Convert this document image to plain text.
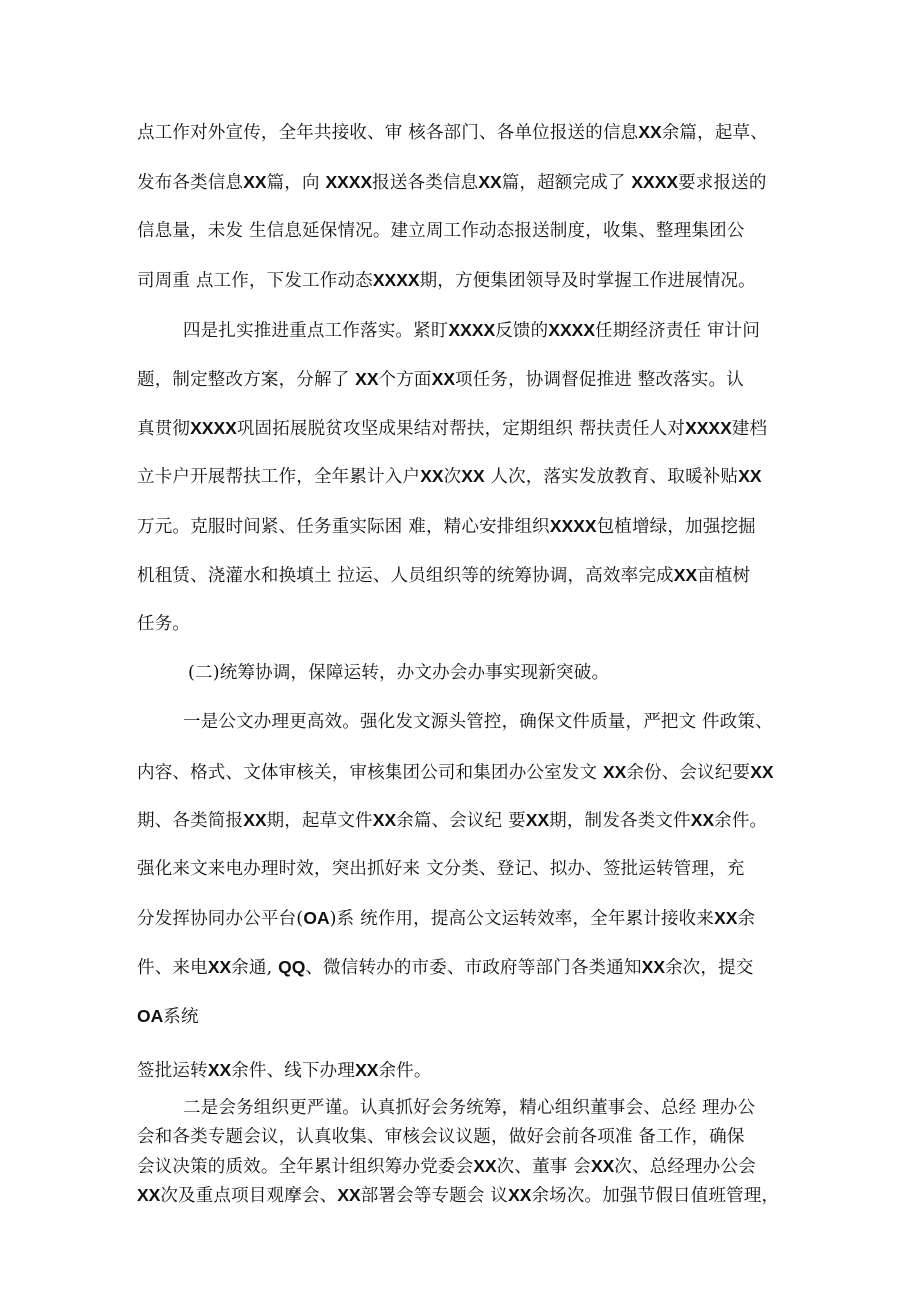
点工作对外宣传，全年共接收、审 核各部门、各单位报送的信息XX余篇，起草、
发布各类信息XX篇，向 XXXX报送各类信息XX篇，超额完成了 XXXX要求报送的
信息量，未发 生信息延保情况。建立周工作动态报送制度，收集、整理集团公
司周重 点工作，下发工作动态XXXX期，方便集团领导及时掌握工作进展情况。
四是扎实推进重点工作落实。紧盯XXXX反馈的XXXX任期经济责任 审计问
题，制定整改方案，分解了 XX个方面XX项任务，协调督促推进 整改落实。认
真贯彻XXXX巩固拓展脱贫攻坚成果结对帮扶，定期组织 帮扶责任人对XXXX建档
立卡户开展帮扶工作，全年累计入户XX次XX 人次，落实发放教育、取暖补贴XX
万元。克服时间紧、任务重实际困 难，精心安排组织XXXX包植增绿，加强挖掘
机租赁、浇灌水和换填土 拉运、人员组织等的统筹协调，高效率完成XX亩植树
任务。
(二)统筹协调，保障运转，办文办会办事实现新突破。
一是公文办理更高效。强化发文源头管控，确保文件质量，严把文 件政策、
内容、格式、文体审核关，审核集团公司和集团办公室发文 XX余份、会议纪要XX
期、各类简报XX期，起草文件XX余篇、会议纪 要XX期，制发各类文件XX余件。
强化来文来电办理时效，突出抓好来 文分类、登记、拟办、签批运转管理，充
分发挥协同办公平台(OA)系 统作用，提高公文运转效率，全年累计接收来XX余
件、来电XX余通, QQ、微信转办的市委、市政府等部门各类通知XX余次，提交
OA系统
签批运转XX余件、线下办理XX余件。
二是会务组织更严谨。认真抓好会务统筹，精心组织董事会、总经 理办公
会和各类专题会议，认真收集、审核会议议题，做好会前各项准 备工作，确保
会议决策的质效。全年累计组织筹办党委会XX次、董事 会XX次、总经理办公会
XX次及重点项目观摩会、XX部署会等专题会 议XX余场次。加强节假日值班管理，
